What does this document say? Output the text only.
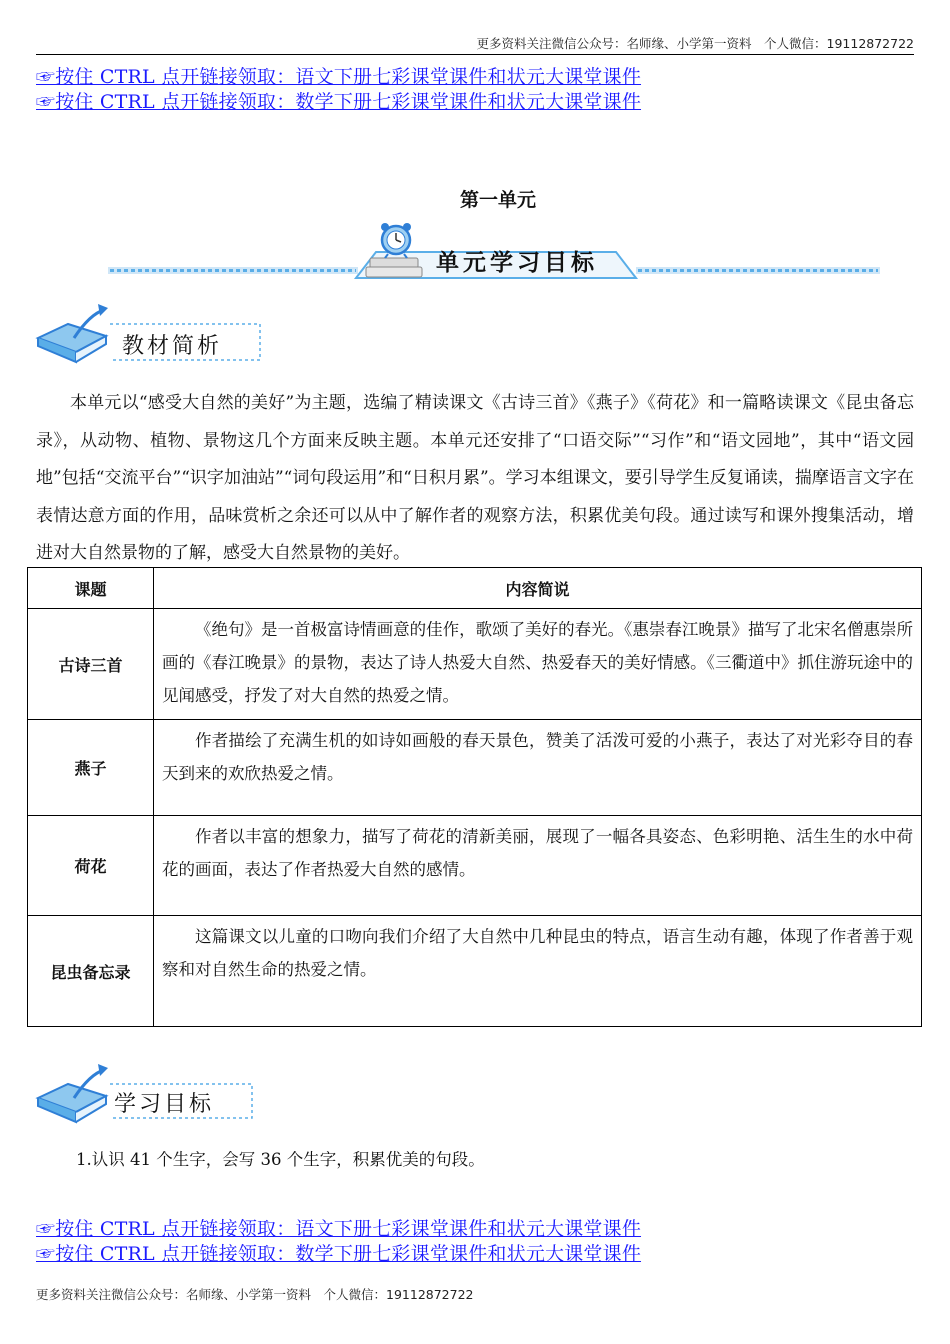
更多资料关注微信公众号：名师缘、小学第一资料　个人微信：19112872722
☞按住 CTRL 点开链接领取：语文下册七彩课堂课件和状元大课堂课件
☞按住 CTRL 点开链接领取：数学下册七彩课堂课件和状元大课堂课件
第一单元
单元学习目标
教材简析
本单元以“感受大自然的美好”为主题，选编了精读课文《古诗三首》《燕子》《荷花》和一篇略读课文《昆虫备忘录》，从动物、植物、景物这几个方面来反映主题。本单元还安排了“口语交际”“习作”和“语文园地”，其中“语文园地”包括“交流平台”“识字加油站”“词句段运用”和“日积月累”。学习本组课文，要引导学生反复诵读，揣摩语言文字在表情达意方面的作用，品味赏析之余还可以从中了解作者的观察方法，积累优美句段。通过读写和课外搜集活动，增进对大自然景物的了解，感受大自然景物的美好。
课题	内容简说
古诗三首	《绝句》是一首极富诗情画意的佳作，歌颂了美好的春光。《惠崇春江晚景》描写了北宋名僧惠崇所画的《春江晚景》的景物，表达了诗人热爱大自然、热爱春天的美好情感。《三衢道中》抓住游玩途中的见闻感受，抒发了对大自然的热爱之情。
燕子	作者描绘了充满生机的如诗如画般的春天景色，赞美了活泼可爱的小燕子，表达了对光彩夺目的春天到来的欢欣热爱之情。
荷花	作者以丰富的想象力，描写了荷花的清新美丽，展现了一幅各具姿态、色彩明艳、活生生的水中荷花的画面，表达了作者热爱大自然的感情。
昆虫备忘录	这篇课文以儿童的口吻向我们介绍了大自然中几种昆虫的特点，语言生动有趣，体现了作者善于观察和对自然生命的热爱之情。
学习目标
1.认识 41 个生字，会写 36 个生字，积累优美的句段。
☞按住 CTRL 点开链接领取：语文下册七彩课堂课件和状元大课堂课件
☞按住 CTRL 点开链接领取：数学下册七彩课堂课件和状元大课堂课件
更多资料关注微信公众号：名师缘、小学第一资料　个人微信：19112872722
